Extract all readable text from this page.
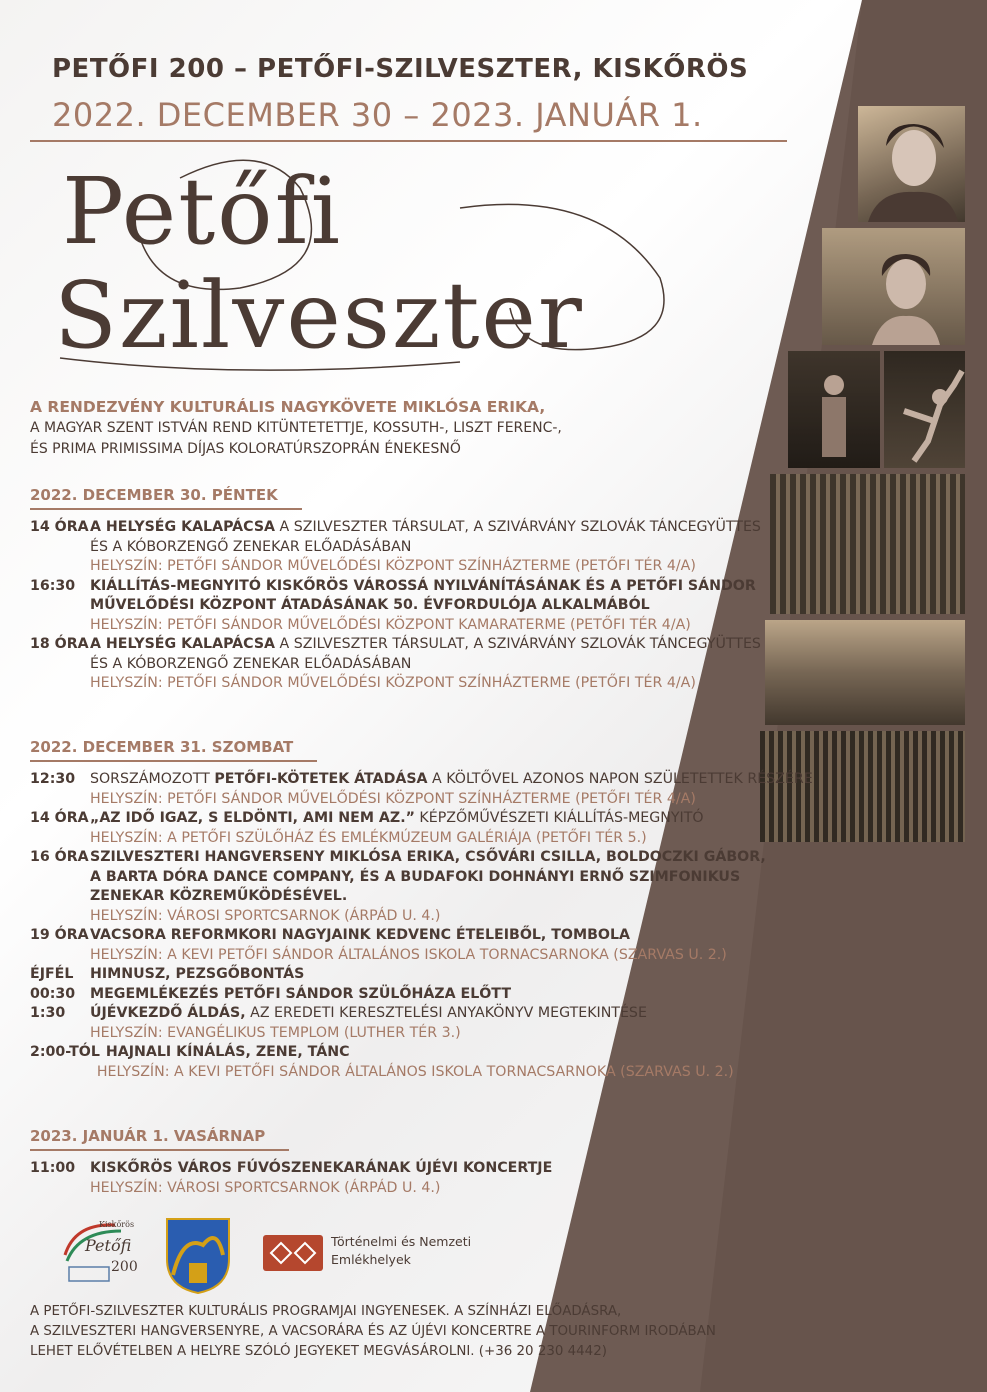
PETŐFI 200 – PETŐFI-SZILVESZTER, KISKŐRÖS
2022. DECEMBER 30 – 2023. JANUÁR 1.
Petőfi
Szilveszter
A RENDEZVÉNY KULTURÁLIS NAGYKÖVETE MIKLÓSA ERIKA,
A MAGYAR SZENT ISTVÁN REND KITÜNTETETTJE, KOSSUTH-, LISZT FERENC-,
ÉS PRIMA PRIMISSIMA DÍJAS KOLORATÚRSZOPRÁN ÉNEKESNŐ
2022. DECEMBER 30. PÉNTEK
14 ÓRA A HELYSÉG KALAPÁCSA A SZILVESZTER TÁRSULAT, A SZIVÁRVÁNY SZLOVÁK TÁNCEGYÜTTES
ÉS A KÓBORZENGŐ ZENEKAR ELŐADÁSÁBAN
HELYSZÍN: PETŐFI SÁNDOR MŰVELŐDÉSI KÖZPONT SZÍNHÁZTERME (PETŐFI TÉR 4/A)
16:30	KIÁLLÍTÁS-MEGNYITÓ KISKŐRÖS VÁROSSÁ NYILVÁNÍTÁSÁNAK ÉS A PETŐFI SÁNDOR
MŰVELŐDÉSI KÖZPONT ÁTADÁSÁNAK 50. ÉVFORDULÓJA ALKALMÁBÓL
HELYSZÍN: PETŐFI SÁNDOR MŰVELŐDÉSI KÖZPONT KAMARATERME (PETŐFI TÉR 4/A)
18 ÓRA A HELYSÉG KALAPÁCSA A SZILVESZTER TÁRSULAT, A SZIVÁRVÁNY SZLOVÁK TÁNCEGYÜTTES
ÉS A KÓBORZENGŐ ZENEKAR ELŐADÁSÁBAN
HELYSZÍN: PETŐFI SÁNDOR MŰVELŐDÉSI KÖZPONT SZÍNHÁZTERME (PETŐFI TÉR 4/A)
2022. DECEMBER 31. SZOMBAT
12:30	SORSZÁMOZOTT PETŐFI-KÖTETEK ÁTADÁSA A KÖLTŐVEL AZONOS NAPON SZÜLETETTEK RÉSZÉRE
HELYSZÍN: PETŐFI SÁNDOR MŰVELŐDÉSI KÖZPONT SZÍNHÁZTERME (PETŐFI TÉR 4/A)
14 ÓRA „AZ IDŐ IGAZ, S ELDÖNTI, AMI NEM AZ.” KÉPZŐMŰVÉSZETI KIÁLLÍTÁS-MEGNYITÓ
HELYSZÍN: A PETŐFI SZÜLŐHÁZ ÉS EMLÉKMÚZEUM GALÉRIÁJA (PETŐFI TÉR 5.)
16 ÓRA SZILVESZTERI HANGVERSENY MIKLÓSA ERIKA, CSŐVÁRI CSILLA, BOLDOCZKI GÁBOR,
A BARTA DÓRA DANCE COMPANY, ÉS A BUDAFOKI DOHNÁNYI ERNŐ SZIMFONIKUS
ZENEKAR KÖZREMŰKÖDÉSÉVEL.
HELYSZÍN: VÁROSI SPORTCSARNOK (ÁRPÁD U. 4.)
19 ÓRA VACSORA REFORMKORI NAGYJAINK KEDVENC ÉTELEIBŐL, TOMBOLA
HELYSZÍN: A KEVI PETŐFI SÁNDOR ÁLTALÁNOS ISKOLA TORNACSARNOKA (SZARVAS U. 2.)
ÉJFÉL	HIMNUSZ, PEZSGŐBONTÁS
00:30	MEGEMLÉKEZÉS PETŐFI SÁNDOR SZÜLŐHÁZA ELŐTT
1:30	ÚJÉVKEZDŐ ÁLDÁS, AZ EREDETI KERESZTELÉSI ANYAKÖNYV MEGTEKINTÉSE
HELYSZÍN: EVANGÉLIKUS TEMPLOM (LUTHER TÉR 3.)
2:00-TÓL HAJNALI KÍNÁLÁS, ZENE, TÁNC
HELYSZÍN: A KEVI PETŐFI SÁNDOR ÁLTALÁNOS ISKOLA TORNACSARNOKA (SZARVAS U. 2.)
2023. JANUÁR 1. VASÁRNAP
11:00	KISKŐRÖS VÁROS FÚVÓSZENEKARÁNAK ÚJÉVI KONCERTJE
HELYSZÍN: VÁROSI SPORTCSARNOK (ÁRPÁD U. 4.)
Kiskőrös
Petőfi
200
Történelmi és Nemzeti
Emlékhelyek
A PETŐFI-SZILVESZTER KULTURÁLIS PROGRAMJAI INGYENESEK. A SZÍNHÁZI ELŐADÁSRA,
A SZILVESZTERI HANGVERSENYRE, A VACSORÁRA ÉS AZ ÚJÉVI KONCERTRE A TOURINFORM IRODÁBAN
LEHET ELŐVÉTELBEN A HELYRE SZÓLÓ JEGYEKET MEGVÁSÁROLNI. (+36 20 230 4442)
